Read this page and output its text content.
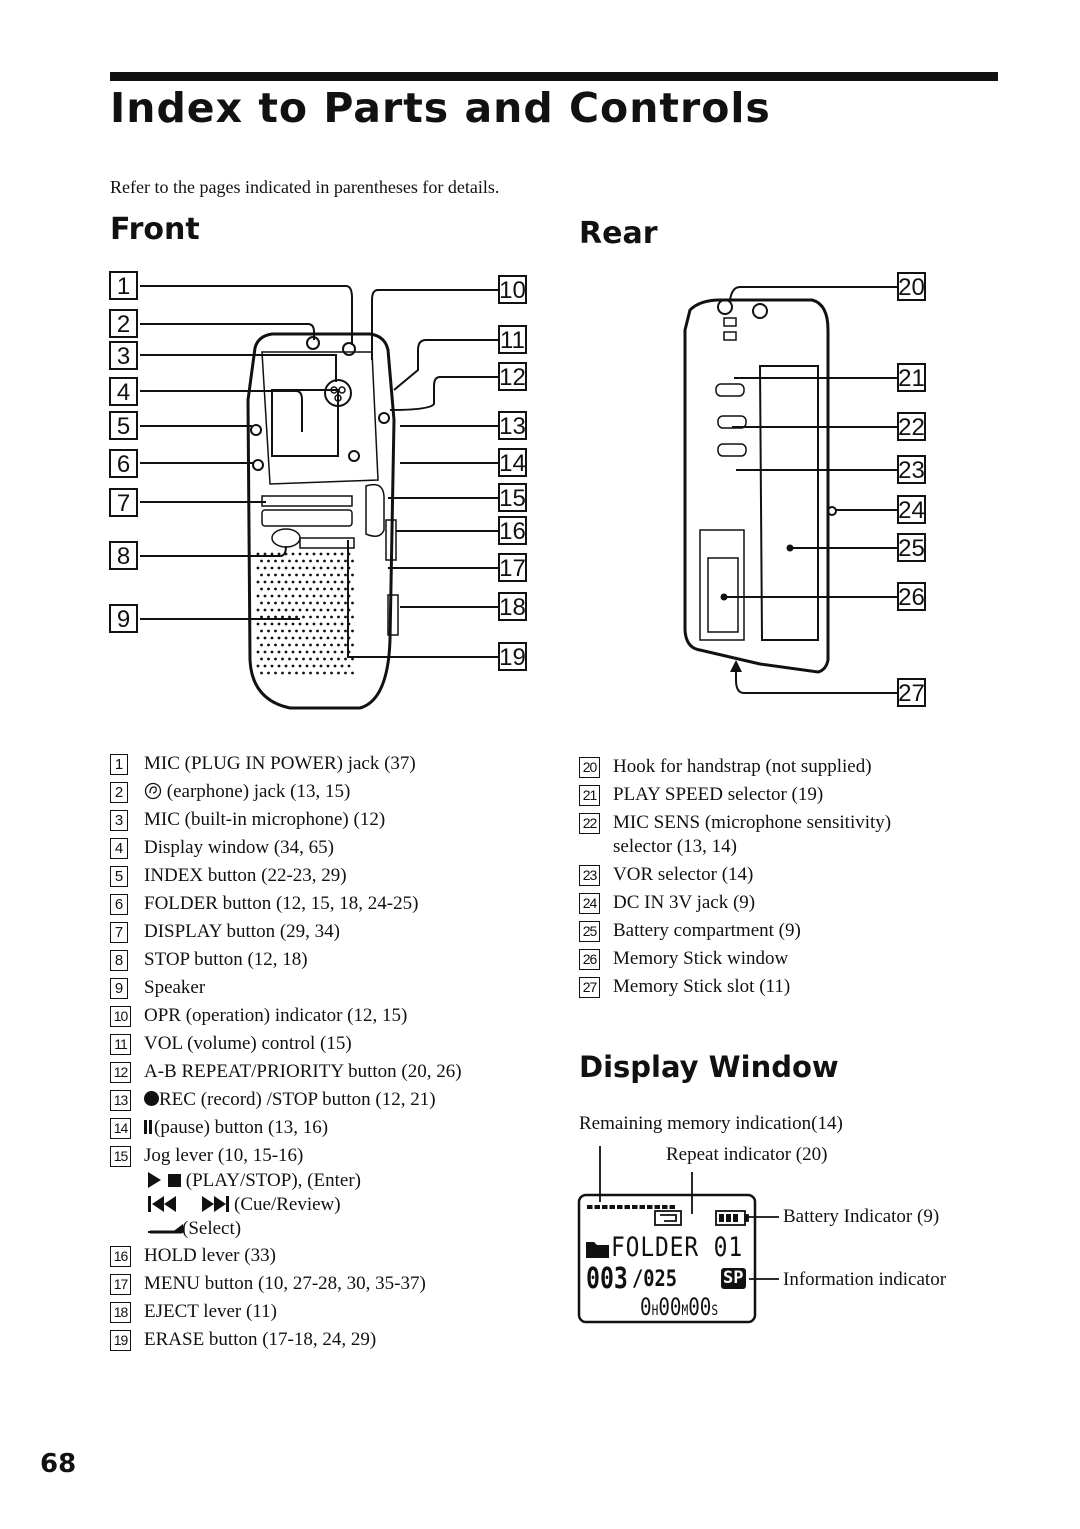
Index to Parts and Controls
Refer to the pages indicated in parentheses for details.
Front	Rear
1
2
3
4
5
6
7
8
9
10
11
12
13
14
15
16
17
18
19
20
21
22
23
24
25
26
27
1 MIC (PLUG IN POWER) jack (37)
2	(earphone) jack (13, 15)
3 MIC (built-in microphone) (12)
4 Display window (34, 65)
5 INDEX button (22-23, 29)
6 FOLDER button (12, 15, 18, 24-25)
7 DISPLAY button (29, 34)
8 STOP button (12, 18)
9 Speaker
10 OPR (operation) indicator (12, 15)
11 VOL (volume) control (15)
12 A-B REPEAT/PRIORITY button (20, 26)
13	REC (record) /STOP button (12, 21)
14	(pause) button (13, 16)
15 Jog lever (10, 15-16)
(PLAY/STOP), (Enter)
(Cue/Review)
(Select)
16 HOLD lever (33)
17 MENU button (10, 27-28, 30, 35-37)
18 EJECT lever (11)
19 ERASE button (17-18, 24, 29)
20 Hook for handstrap (not supplied)
21 PLAY SPEED selector (19)
22 MIC SENS (microphone sensitivity)
selector (13, 14)
23 VOR selector (14)
24 DC IN 3V jack (9)
25 Battery compartment (9)
26 Memory Stick window
27 Memory Stick slot (11)
Display Window
Remaining memory indication(14)
Repeat indicator (20)
Battery Indicator (9)
Information indicator
FOLDER 01
003 /025	SP
0H00M00S
68
